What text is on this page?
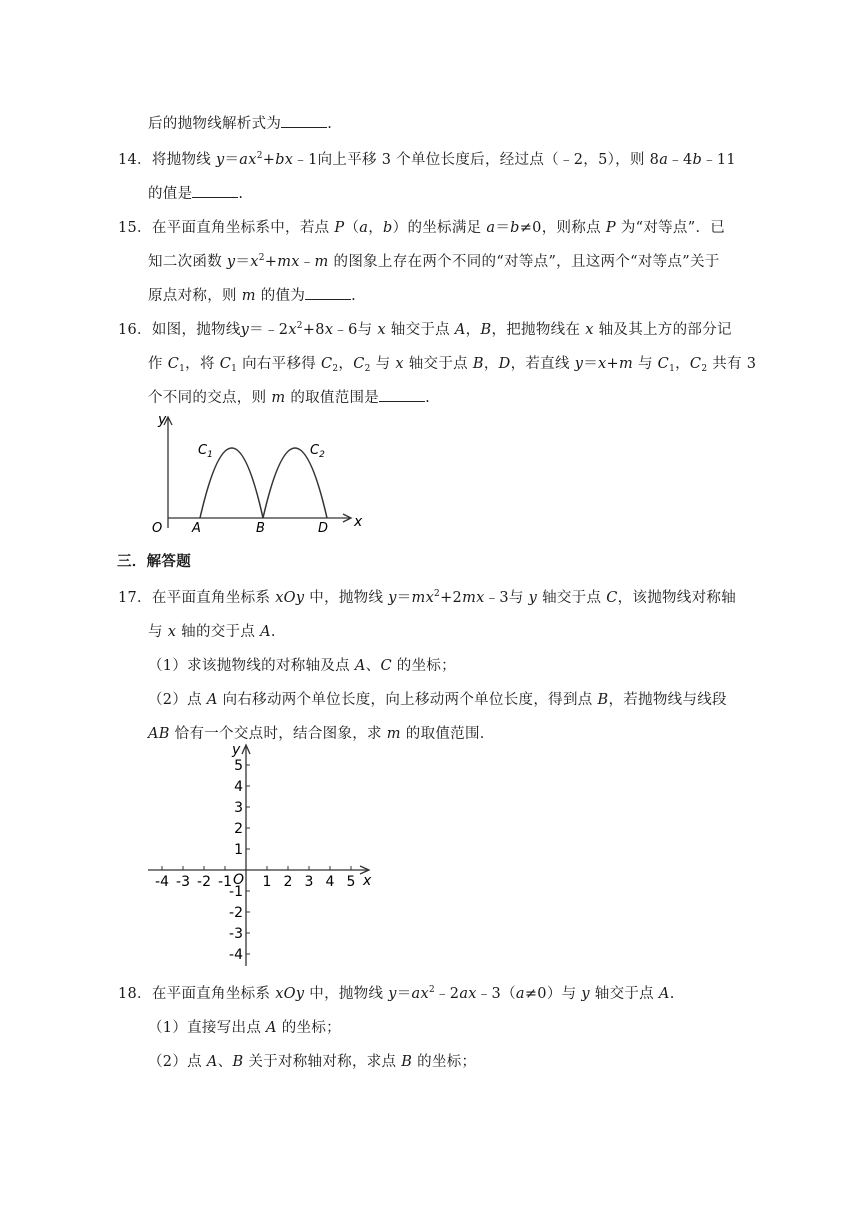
后的抛物线解析式为	.
14．将抛物线 $y=ax^2+bx﹣1$向上平移 3 个单位长度后，经过点（﹣2，5），则 8a﹣4b﹣11
的值是	.
15．在平面直角坐标系中，若点 P（a，b）的坐标满足 a＝b≠0，则称点 P 为“对等点”．已
知二次函数 $y=x^2+mx﹣m$ 的图象上存在两个不同的“对等点”，且这两个“对等点”关于
原点对称，则 m 的值为	.
16．如图，抛物线$y=﹣2x^2+8x﹣6$与 x 轴交于点 A，B，把抛物线在 x 轴及其上方的部分记
作 $C_1$，将 $C_1$ 向右平移得 $C_2$，$C_2$ 与 x 轴交于点 B，D，若直线 y＝x+m 与 $C_1$，$C_2$ 共有 3
个不同的交点，则 m 的取值范围是	.
y
x
O A	B	D
$C_1$	$C_2$
三．解答题
17．在平面直角坐标系 xOy 中，抛物线 $y=mx^2+2mx﹣3$与 y 轴交于点 C，该抛物线对称轴
与 x 轴的交于点 A.
（1）求该抛物线的对称轴及点 A、C 的坐标；
（2）点 A 向右移动两个单位长度，向上移动两个单位长度，得到点 B，若抛物线与线段
AB 恰有一个交点时，结合图象，求 m 的取值范围．
-4 -3 -2 -1 1 2 3 4 5
5
4
3
2
1
-1
-2
-3
-4
y
x
O
18．在平面直角坐标系 xOy 中，抛物线 $y=ax^2﹣2ax﹣3(a\ne 0)$与 y 轴交于点 A.
（1）直接写出点 A 的坐标；
（2）点 A、B 关于对称轴对称，求点 B 的坐标；
